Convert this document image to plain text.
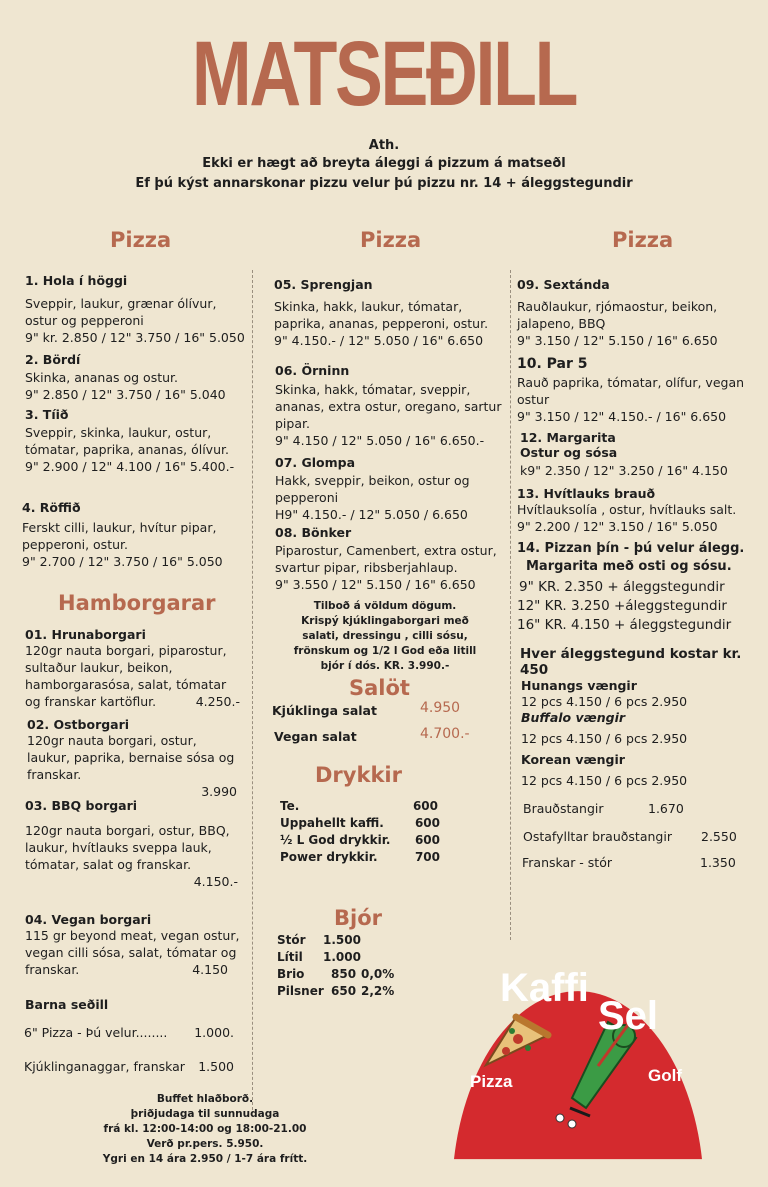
MATSEÐILL
Ath.
Ekki er hægt að breyta áleggi á pizzum á matseðl
Ef þú kýst annarskonar pizzu velur þú pizzu nr. 14 + áleggstegundir
Pizza
1. Hola í höggi
Sveppir, laukur, grænar ólívur, ostur og pepperoni
9" kr. 2.850 / 12" 3.750 / 16" 5.050
2. Bördí
Skinka, ananas og ostur.
9" 2.850 / 12" 3.750 / 16" 5.040
3. Tíið
Sveppir, skinka, laukur, ostur, tómatar, paprika, ananas, ólívur.
9" 2.900 / 12" 4.100 / 16" 5.400.-
4. Röffið
Ferskt cilli, laukur, hvítur pipar, pepperoni, ostur.
9" 2.700 / 12" 3.750 / 16" 5.050
Hamborgarar
01. Hrunaborgari
120gr nauta borgari, piparostur, sultaður laukur, beikon, hamborgarasósa, salat, tómatar og franskar kartöflur.	4.250.-
02. Ostborgari
120gr nauta borgari, ostur, laukur, paprika, bernaise sósa og franskar.
3.990
03. BBQ borgari
120gr nauta borgari, ostur, BBQ, laukur, hvítlauks sveppa lauk, tómatar, salat og franskar.
4.150.-
04. Vegan borgari
115 gr beyond meat, vegan ostur, vegan cilli sósa, salat, tómatar og franskar.	4.150
Barna seðill
6" Pizza - Þú velur........ 1.000.
Kjúklinganaggar, franskar 1.500
Buffet hlaðborð.
þriðjudaga til sunnudaga
frá kl. 12:00-14:00 og 18:00-21.00
Verð pr.pers. 5.950.
Ygri en 14 ára 2.950 / 1-7 ára frítt.
Pizza
05. Sprengjan
Skinka, hakk, laukur, tómatar, paprika, ananas, pepperoni, ostur.
9" 4.150.- / 12" 5.050 / 16" 6.650
06. Örninn
Skinka, hakk, tómatar, sveppir, ananas, extra ostur, oregano, sartur pipar.
9" 4.150 / 12" 5.050 / 16" 6.650.-
07. Glompa
Hakk, sveppir, beikon, ostur og pepperoni
H9" 4.150.- / 12" 5.050 / 6.650
08. Bönker
Piparostur, Camenbert, extra ostur, svartur pipar, ribsberjahlaup.
9" 3.550 / 12" 5.150 / 16" 6.650
Tilboð á völdum dögum.
Krispý kjúklingaborgari með
salati, dressingu , cilli sósu,
frönskum og 1/2 l God eða litill
bjór í dós. KR. 3.990.-
Salöt
Kjúklinga salat	4.950
Vegan salat	4.700.-
Drykkir
Te.	600
Uppahellt kaffi.	600
½ L God drykkir. 600
Power drykkir.	700
Bjór
Stór 1.500
Lítil 1.000
Brio 850 0,0%
Pilsner 650 2,2%
Pizza
09. Sextánda
Rauðlaukur, rjómaostur, beikon, jalapeno, BBQ
9" 3.150 / 12" 5.150 / 16" 6.650
10. Par 5
Rauð paprika, tómatar, olífur, vegan ostur
9" 3.150 / 12" 4.150.- / 16" 6.650
12. Margarita
Ostur og sósa
k9" 2.350 / 12" 3.250 / 16" 4.150
13. Hvítlauks brauð
Hvítlauksolía , ostur, hvítlauks salt.
9" 2.200 / 12" 3.150 / 16" 5.050
14. Pizzan þín - þú velur álegg.
Margarita með osti og sósu.
9" KR. 2.350 + áleggstegundir
12" KR. 3.250 +áleggstegundir
16" KR. 4.150 + áleggstegundir
Hver áleggstegund kostar kr. 450
Hunangs vængir
12 pcs 4.150 / 6 pcs 2.950
Buffalo vængir
12 pcs 4.150 / 6 pcs 2.950
Korean vængir
12 pcs 4.150 / 6 pcs 2.950
Brauðstangir	1.670
Ostafylltar brauðstangir 2.550
Franskar - stór	1.350
Kaffi
Sel
Pizza	Golf
